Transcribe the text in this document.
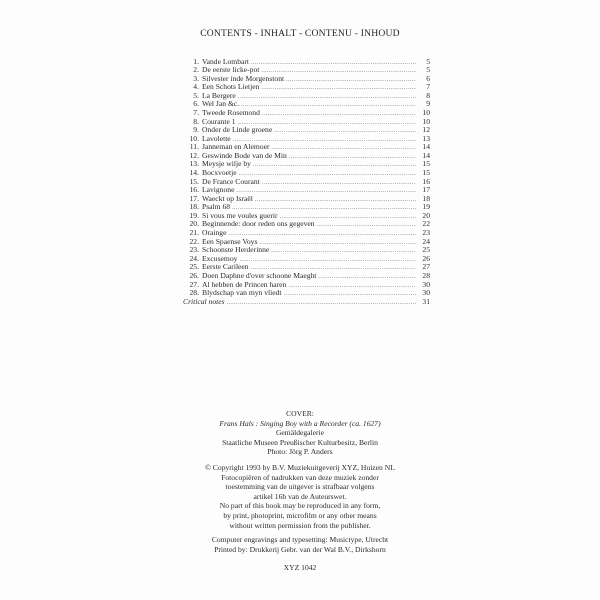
CONTENTS - INHALT - CONTENU - INHOUD
1. Vande Lombart .....	5
2. De eerste licke-pot .....	5
3. Silvester inde Morgenstont .....	6
4. Een Schots Lietjen .....	7
5. La Bergere .....	8
6. Wel Jan &c. .....	9
7. Tweede Rosemond .....	10
8. Courante 1 .....	10
9. Onder de Linde groene .....	12
10. Lavolette .....	13
11. Janneman en Alemoer .....	14
12. Geswinde Bode van de Min .....	14
13. Meysje wilje by .....	15
14. Bocxvoetje .....	15
15. De France Courant .....	16
16. Lavignone .....	17
17. Waeckt op Israël .....	18
18. Psalm 68 .....	19
19. Si vous me voules guerir .....	20
20. Beginnende: door reden ons gegeven .....	22
21. Orainge .....	23
22. Een Spaense Voys .....	24
23. Schoonste Herderinne .....	25
24. Excusemoy .....	26
25. Eerste Carileen .....	27
26. Doen Daphne d'over schoone Maeght .....	28
27. Al hebben de Princen haren .....	30
28. Blydschap van myn vliedt .....	30
Critical notes .....	31
COVER:
Frans Hals : Singing Boy with a Recorder (ca. 1627)
Gemäldegalerie
Staatliche Museen Preußischer Kulturbesitz, Berlin
Photo: Jörg P. Anders
© Copyright 1993 by B.V. Muziekuitgeverij XYZ, Huizen NL
Fotocopiëren of nadrukken van deze muziek zonder
toestemming van de uitgever is strafbaar volgens
artikel 16b van de Auteurswet.
No part of this book may be reproduced in any form,
by print, photoprint, microfilm or any other means
without written permission from the publisher.
Computer engravings and typesetting: Musictype, Utrecht
Printed by: Drukkerij Gebr. van der Wal B.V., Dirkshorn
XYZ 1042
